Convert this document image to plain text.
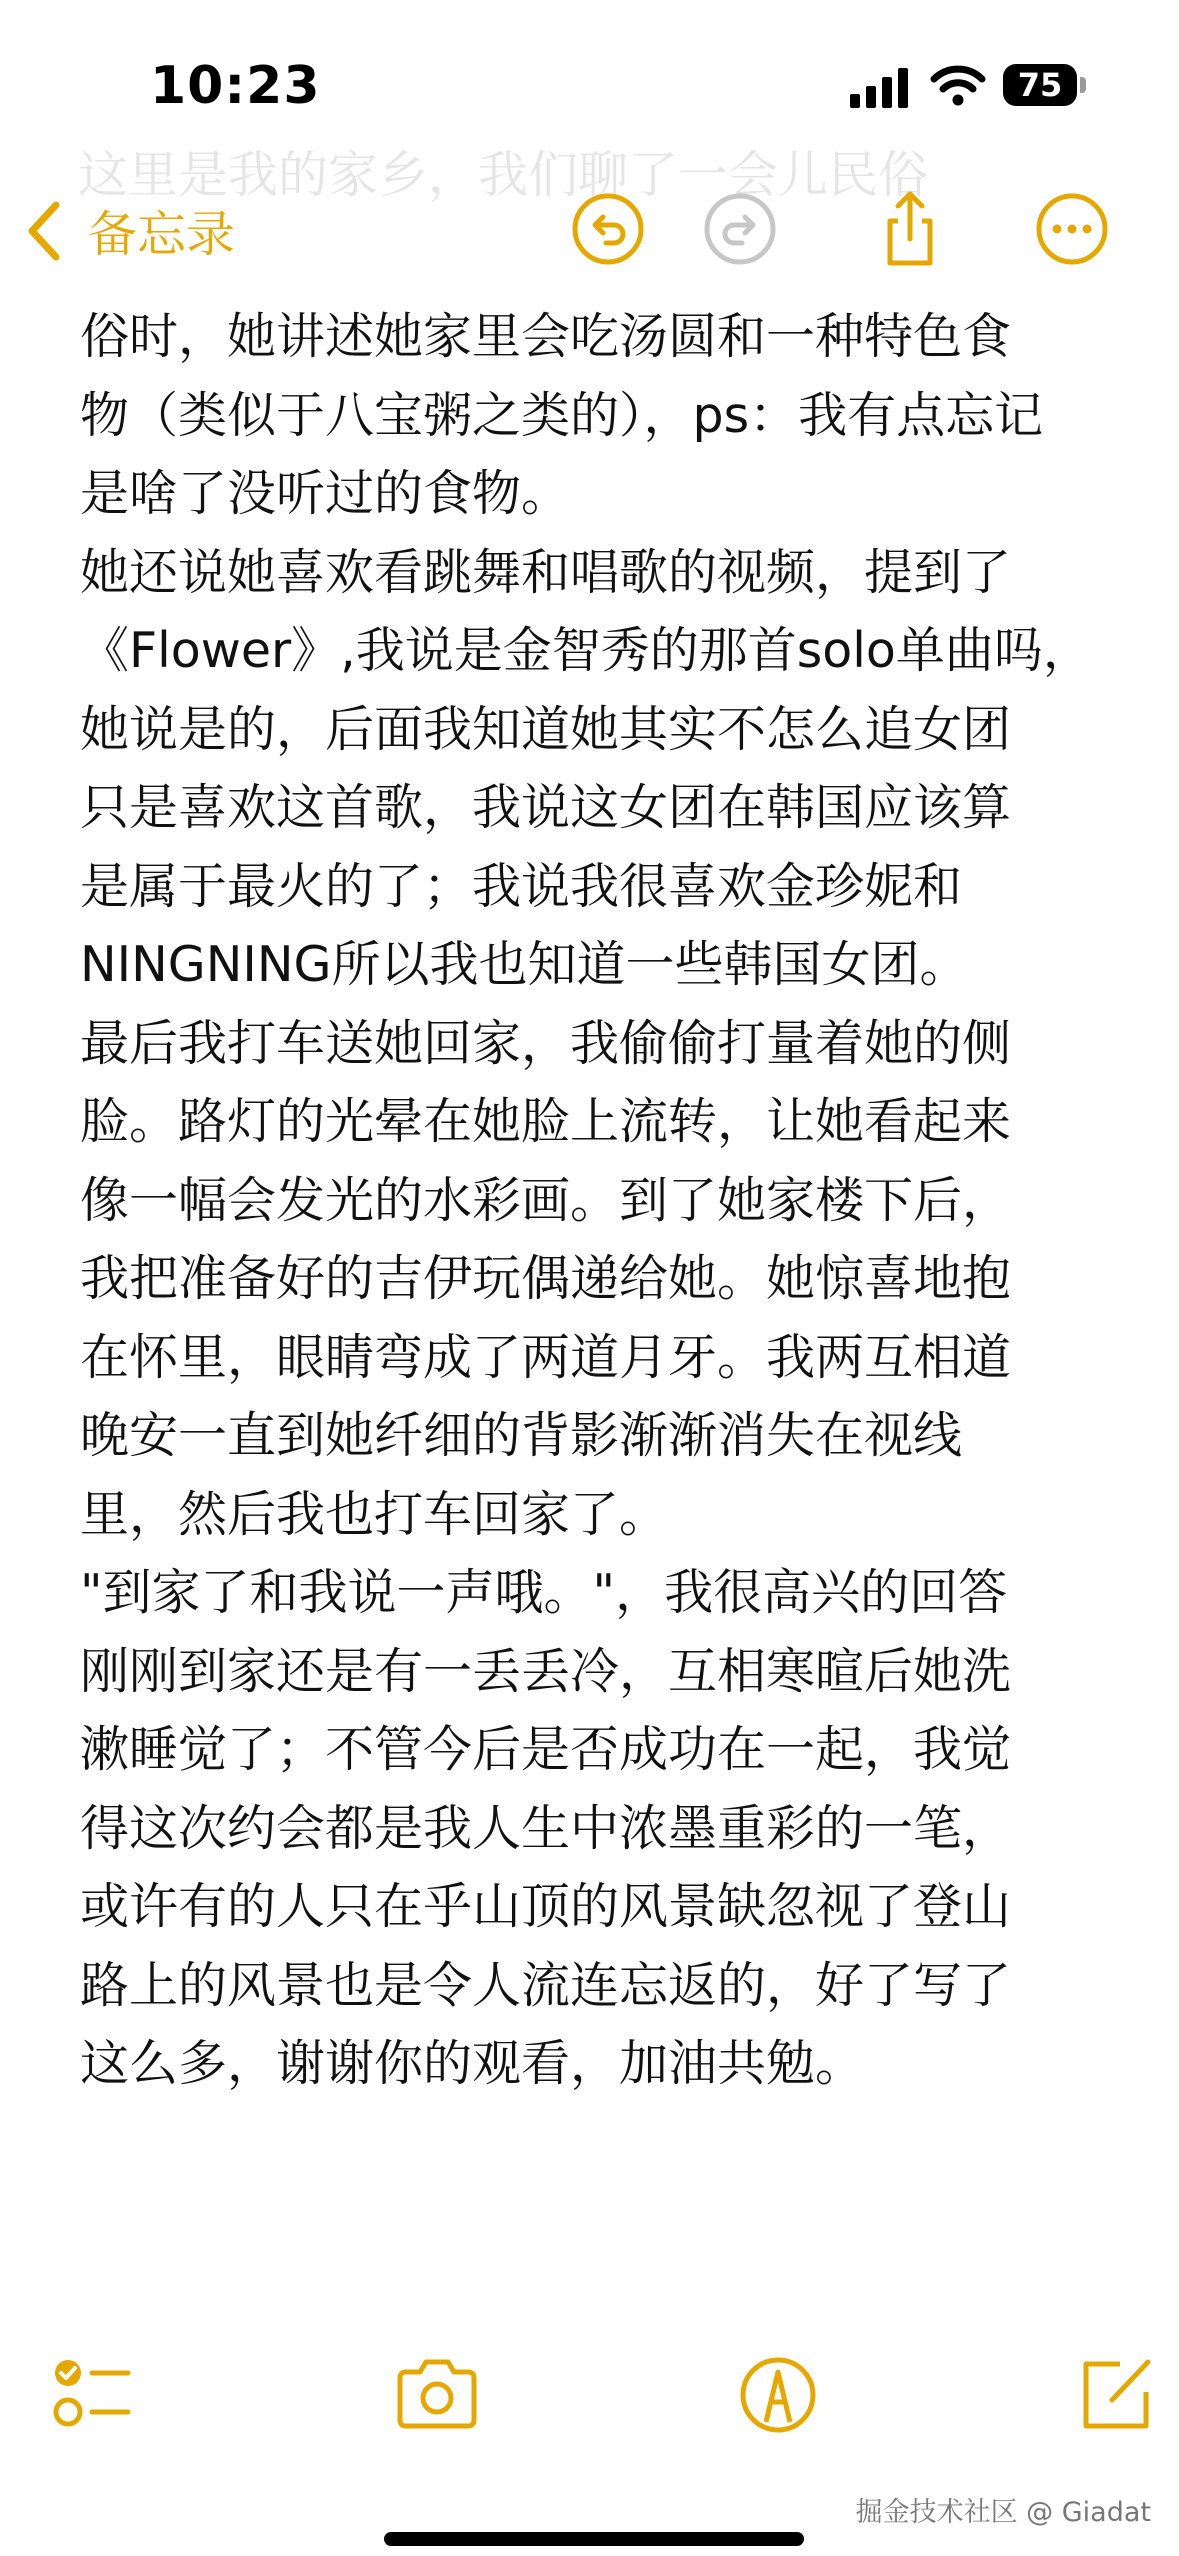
这里是我的家乡，我们聊了一会儿民俗

10:23	75
备忘录
俗时，她讲述她家里会吃汤圆和一种特色食
物（类似于八宝粥之类的），ps：我有点忘记
是啥了没听过的食物。
她还说她喜欢看跳舞和唱歌的视频，提到了
《Flower》,我说是金智秀的那首solo单曲吗，
她说是的，后面我知道她其实不怎么追女团
只是喜欢这首歌，我说这女团在韩国应该算
是属于最火的了；我说我很喜欢金珍妮和
NINGNING所以我也知道一些韩国女团。
最后我打车送她回家，我偷偷打量着她的侧
脸。路灯的光晕在她脸上流转，让她看起来
像一幅会发光的水彩画。到了她家楼下后，
我把准备好的吉伊玩偶递给她。她惊喜地抱
在怀里，眼睛弯成了两道月牙。我两互相道
晚安一直到她纤细的背影渐渐消失在视线
里，然后我也打车回家了。
"到家了和我说一声哦。"，我很高兴的回答
刚刚到家还是有一丢丢冷，互相寒暄后她洗
漱睡觉了；不管今后是否成功在一起，我觉
得这次约会都是我人生中浓墨重彩的一笔，
或许有的人只在乎山顶的风景缺忽视了登山
路上的风景也是令人流连忘返的，好了写了
这么多，谢谢你的观看，加油共勉。
掘金技术社区 @ Giadat
